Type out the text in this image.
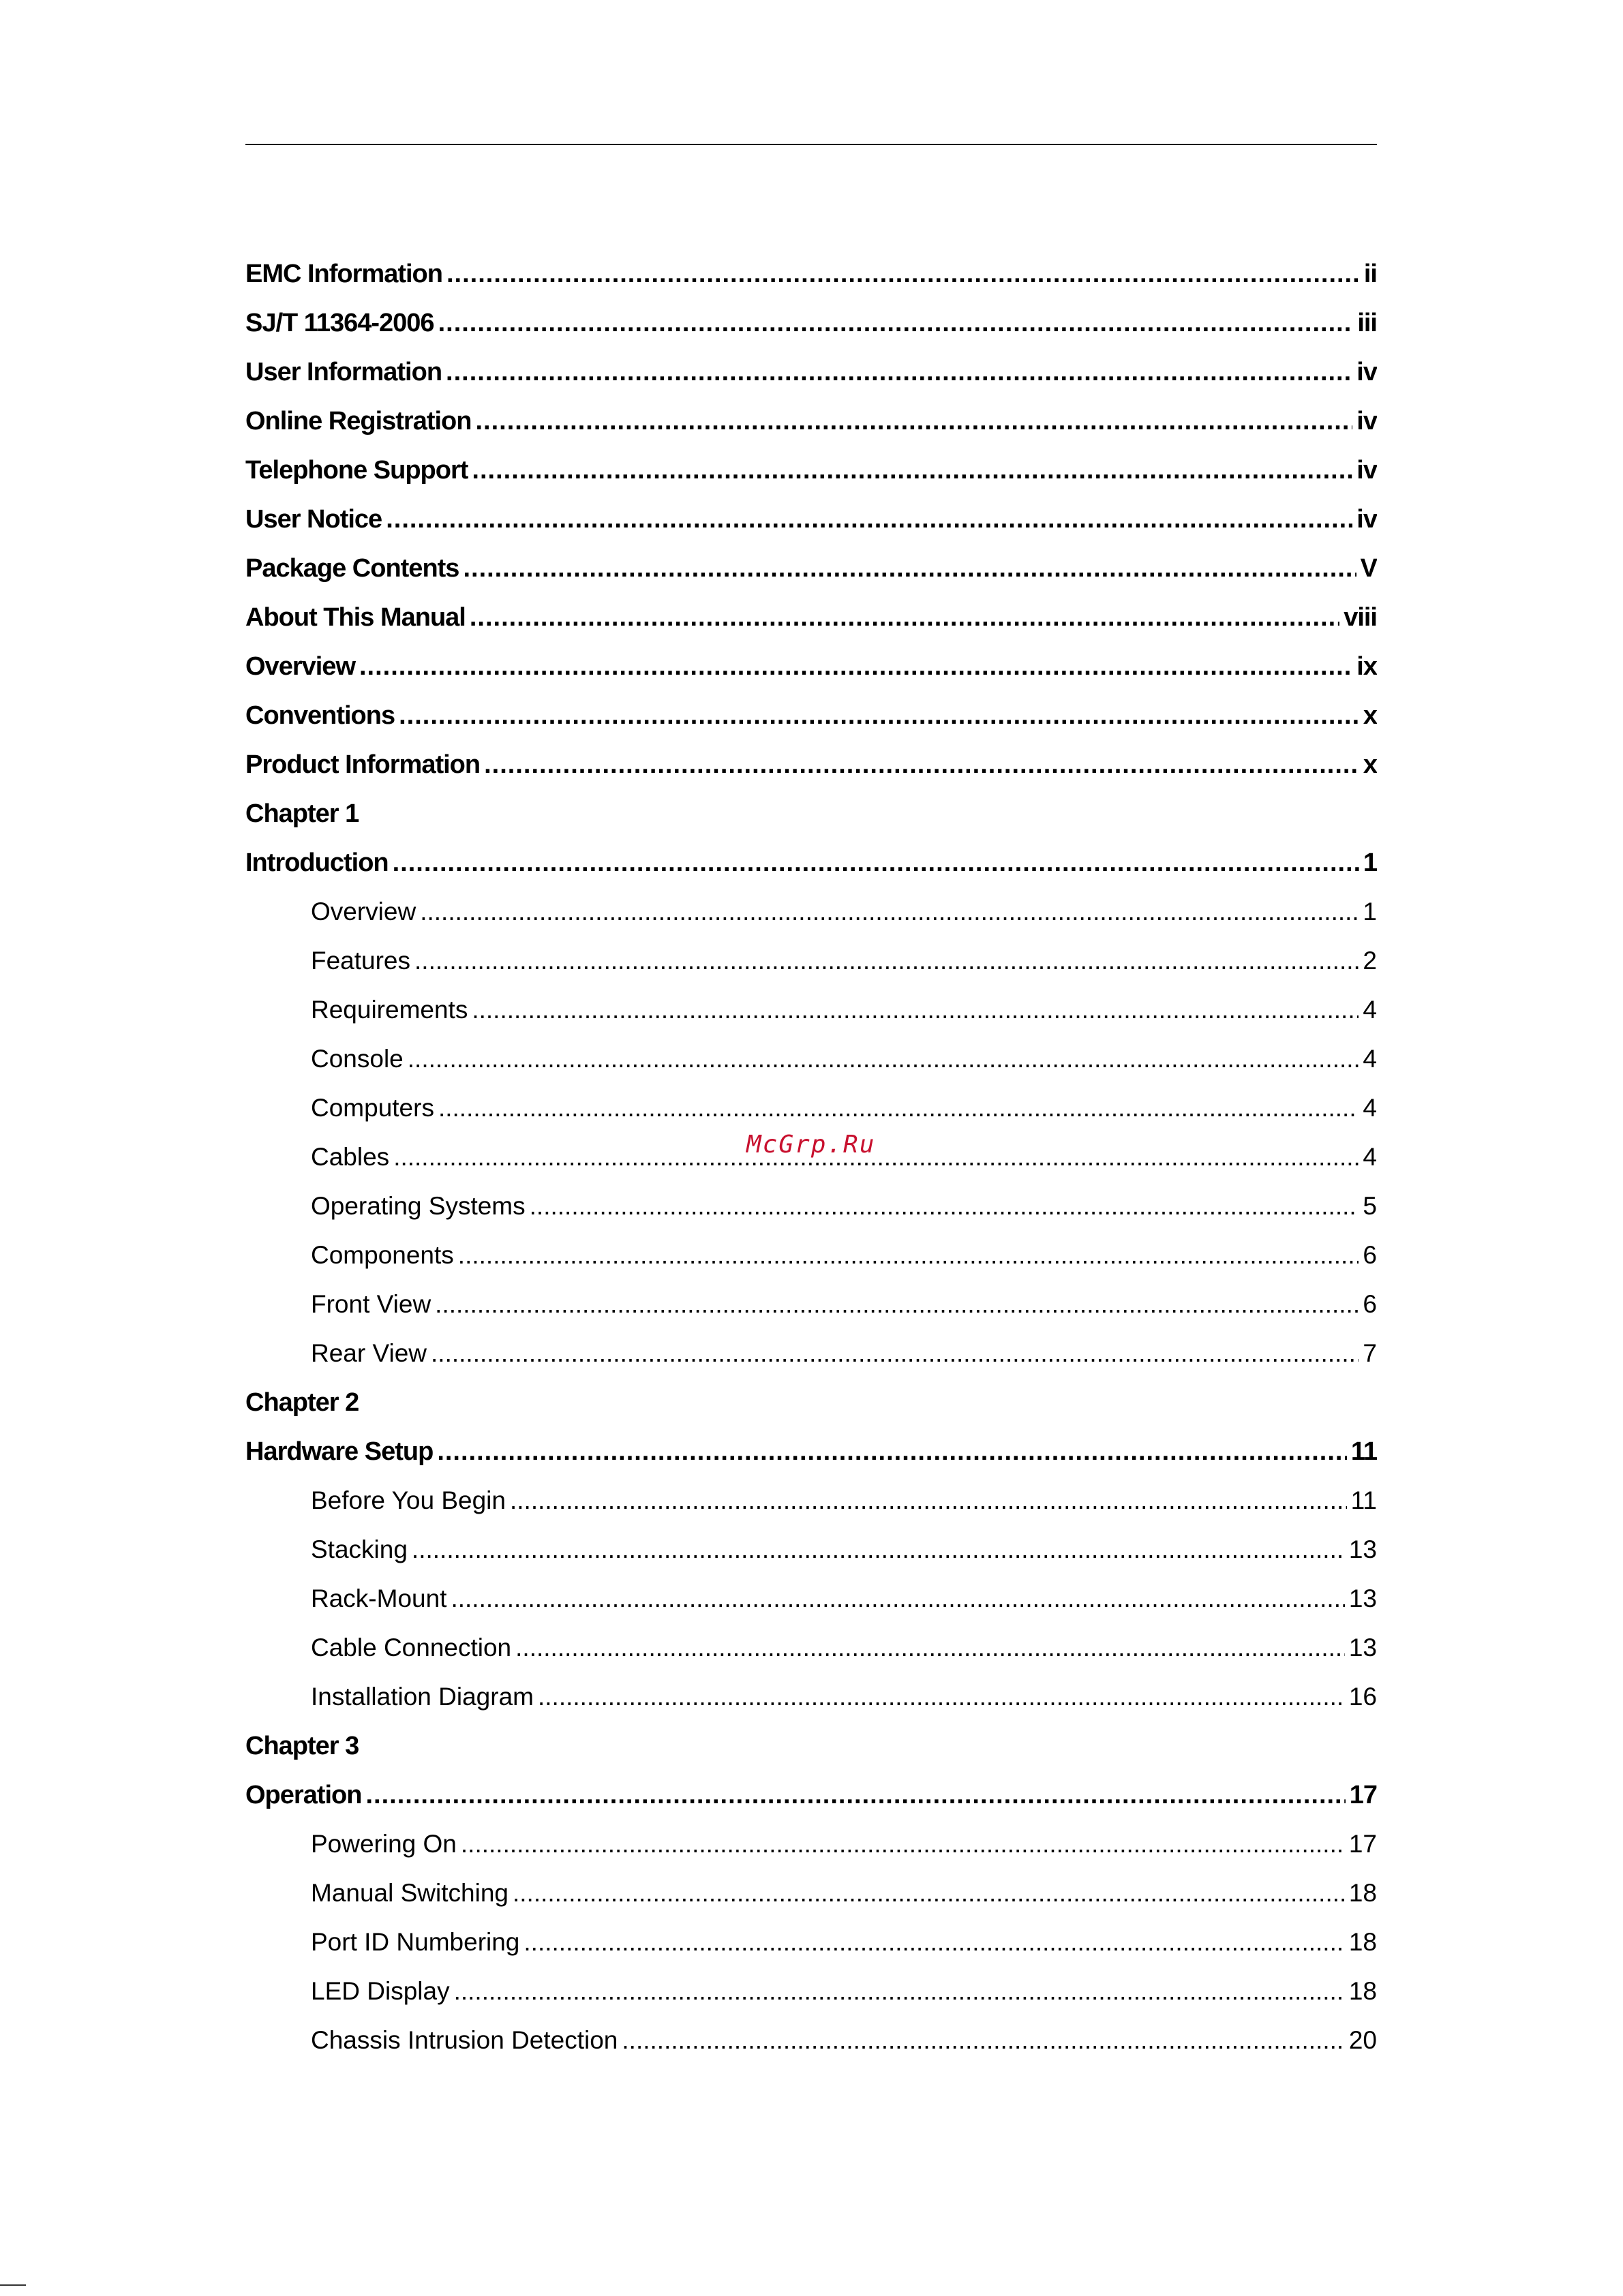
EMC Information .....	ii
SJ/T 11364-2006 .....	iii
User Information .....	iv
Online Registration .....	iv
Telephone Support .....	iv
User Notice .....	iv
Package Contents .....	V
About This Manual .....	viii
Overview .....	ix
Conventions .....	x
Product Information .....	x
Chapter 1
Introduction .....	1
Overview .....	1
Features .....	2
Requirements .....	4
Console .....	4
Computers .....	4
Cables .....	4
Operating Systems .....	5
Components .....	6
Front View .....	6
Rear View .....	7
Chapter 2
Hardware Setup .....	11
Before You Begin .....	11
Stacking .....	13
Rack-Mount .....	13
Cable Connection .....	13
Installation Diagram .....	16
Chapter 3
Operation .....	17
Powering On .....	17
Manual Switching .....	18
Port ID Numbering .....	18
LED Display .....	18
Chassis Intrusion Detection .....	20
McGrp.Ru
